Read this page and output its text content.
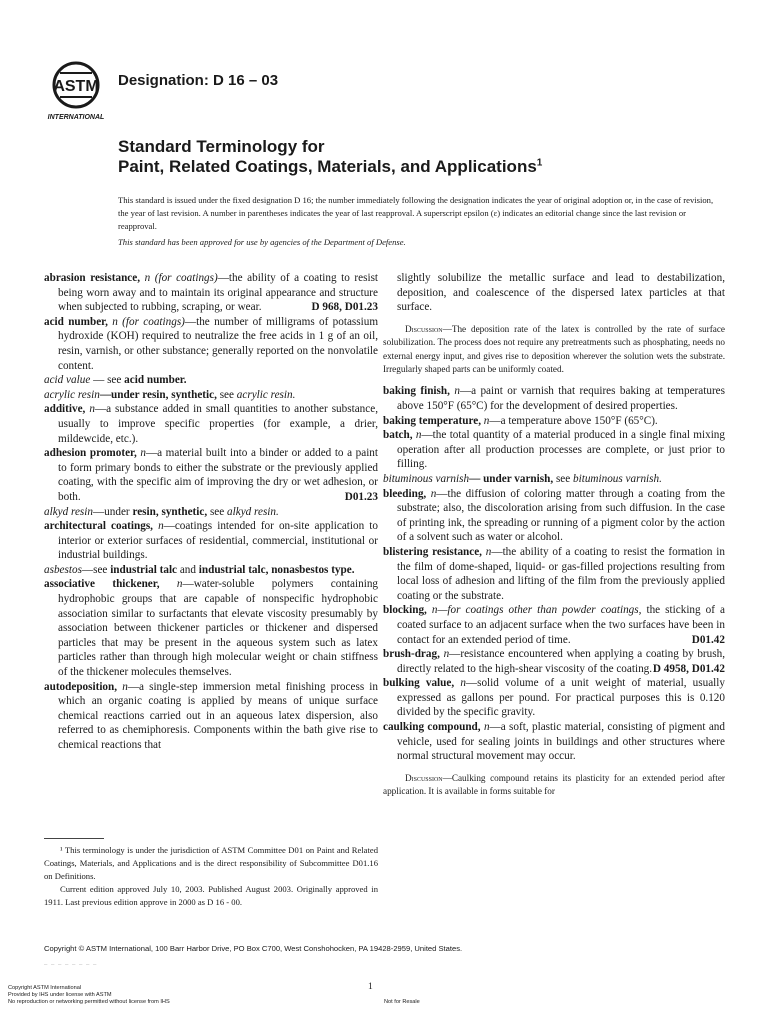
ASTM
INTERNATIONAL
Designation: D 16 – 03
Standard Terminology for
Paint, Related Coatings, Materials, and Applications$^1$
This standard is issued under the fixed designation D 16; the number immediately following the designation indicates the year of original adoption or, in the case of revision, the year of last revision. A number in parentheses indicates the year of last reapproval. A superscript epsilon (ε) indicates an editorial change since the last revision or reapproval.
This standard has been approved for use by agencies of the Department of Defense.

abrasion resistance, n (for coatings)—the ability of a coating to resist being worn away and to maintain its original appearance and structure when subjected to rubbing, scraping, or wear.	D 968, D01.23

acid number, n (for coatings)—the number of milligrams of potassium hydroxide (KOH) required to neutralize the free acids in 1 g of an oil, resin, varnish, or other substance; generally reported on the nonvolatile content.

acid value — see acid number.

acrylic resin—under resin, synthetic, see acrylic resin.

additive, n—a substance added in small quantities to another substance, usually to improve specific properties (for example, a drier, mildewcide, etc.).

adhesion promoter, n—a material built into a binder or added to a paint to form primary bonds to either the substrate or the previously applied coating, with the specific aim of improving the dry or wet adhesion, or both.	D01.23

alkyd resin—under resin, synthetic, see alkyd resin.

architectural coatings, n—coatings intended for on-site application to interior or exterior surfaces of residential, commercial, institutional or industrial buildings.

asbestos—see industrial talc and industrial talc, nonasbestos type.

associative thickener, n—water-soluble polymers containing hydrophobic groups that are capable of nonspecific hydrophobic association similar to surfactants that elevate viscosity presumably by association between thickener particles or thickener and dispersed particles that may be present in the aqueous system such as latex particles rather than through high molecular weight or chain stiffness of the thickener molecules themselves.

autodeposition, n—a single-step immersion metal finishing process in which an organic coating is applied by means of unique surface chemical reactions carried out in an aqueous latex dispersion, also referred to as chemiphoresis. Components within the bath give rise to chemical reactions that

slightly solubilize the metallic surface and lead to destabilization, deposition, and coalescence of the dispersed latex particles at that surface.

Discussion—The deposition rate of the latex is controlled by the rate of surface solubilization. The process does not require any pretreatments such as phosphating, needs no external energy input, and gives rise to deposition wherever the solution wets the substrate. Irregularly shaped parts can be uniformly coated.

baking finish, n—a paint or varnish that requires baking at temperatures above 150°F (65°C) for the development of desired properties.

baking temperature, n—a temperature above 150°F (65°C).

batch, n—the total quantity of a material produced in a single final mixing operation after all production processes are complete, or just prior to filling.

bituminous varnish— under varnish, see bituminous varnish.

bleeding, n—the diffusion of coloring matter through a coating from the substrate; also, the discoloration arising from such diffusion. In the case of printing ink, the spreading or running of a pigment color by the action of a solvent such as water or alcohol.

blistering resistance, n—the ability of a coating to resist the formation in the film of dome-shaped, liquid- or gas-filled projections resulting from local loss of adhesion and lifting of the film from the previously applied coating or the substrate.

blocking, n—for coatings other than powder coatings, the sticking of a coated surface to an adjacent surface when the two surfaces have been in contact for an extended period of time.	D01.42

brush-drag, n—resistance encountered when applying a coating by brush, directly related to the high-shear viscosity of the coating. D 4958, D01.42

bulking value, n—solid volume of a unit weight of material, usually expressed as gallons per pound. For practical purposes this is 0.120 divided by the specific gravity.

caulking compound, n—a soft, plastic material, consisting of pigment and vehicle, used for sealing joints in buildings and other structures where normal structural movement may occur.

Discussion—Caulking compound retains its plasticity for an extended period after application. It is available in forms suitable for

¹ This terminology is under the jurisdiction of ASTM Committee D01 on Paint and Related Coatings, Materials, and Applications and is the direct responsibility of Subcommittee D01.16 on Definitions.

Current edition approved July 10, 2003. Published August 2003. Originally approved in 1911. Last previous edition approve in 2000 as D 16 - 00.

Copyright © ASTM International, 100 Barr Harbor Drive, PO Box C700, West Conshohocken, PA 19428-2959, United States.
– – – – – – – –
Copyright ASTM International
Provided by IHS under license with ASTM
No reproduction or networking permitted without license from IHS
1
Not for Resale
